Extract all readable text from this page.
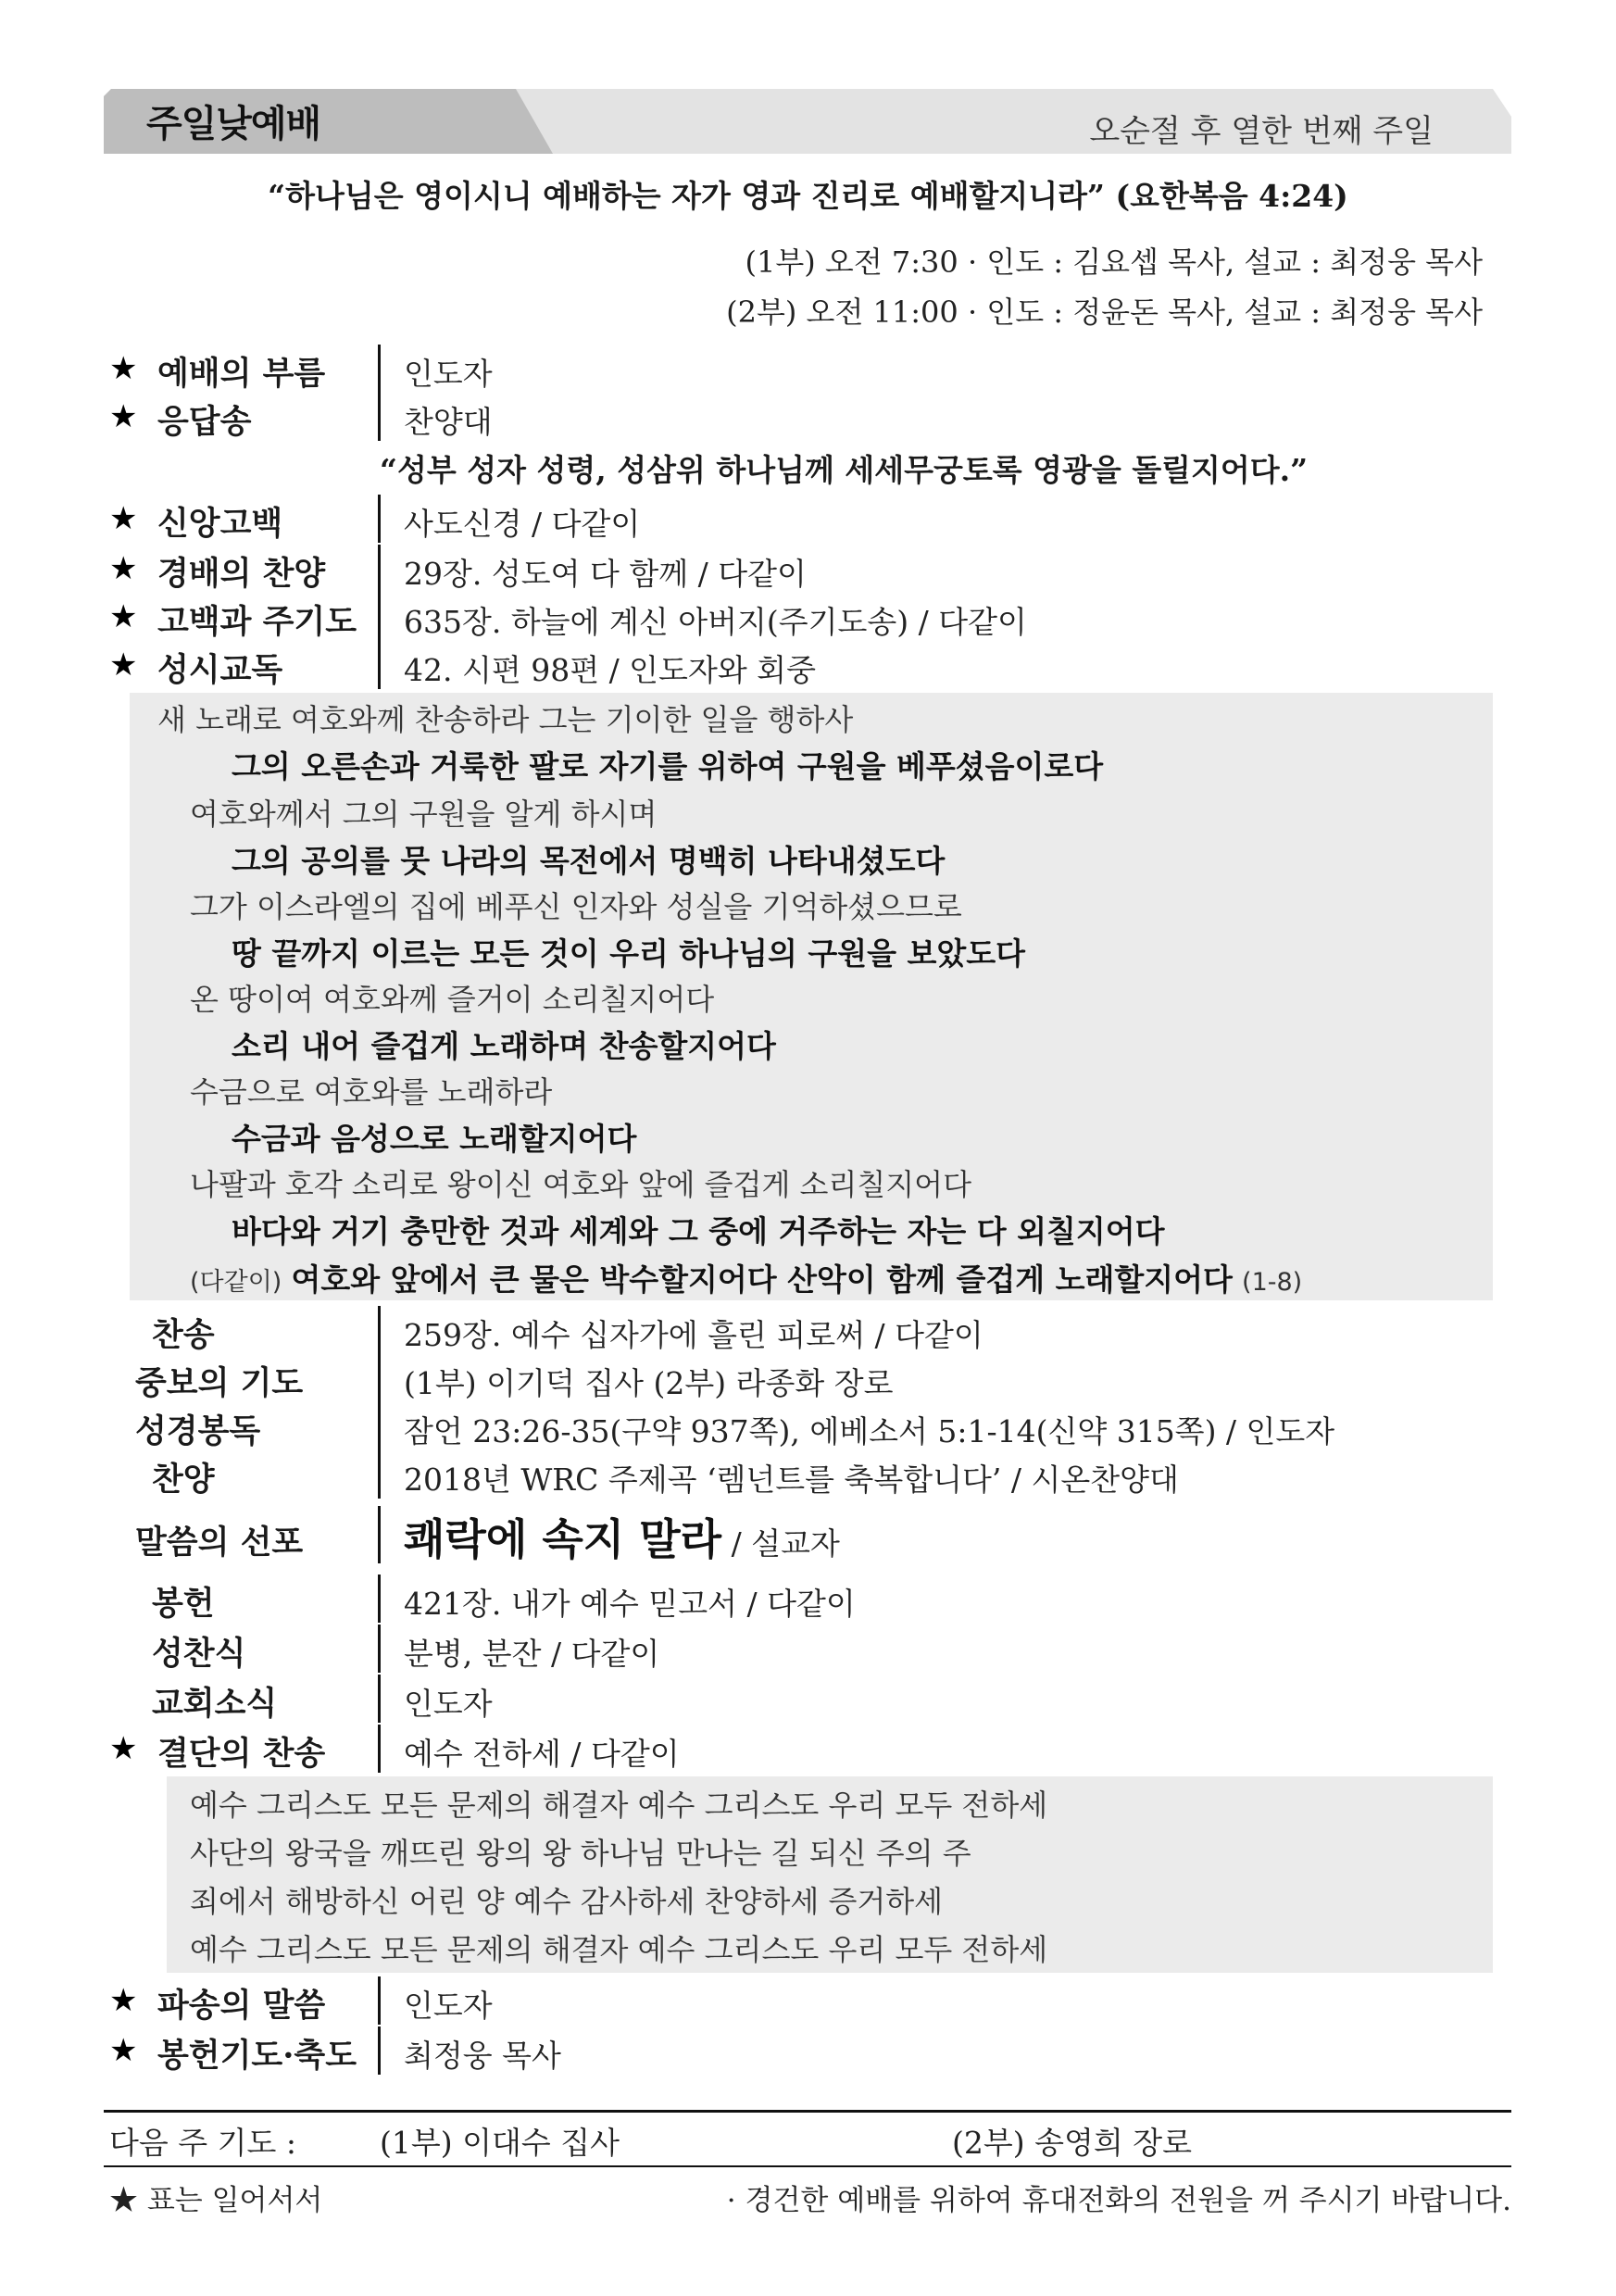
주일낮예배	오순절 후 열한 번째 주일
“하나님은 영이시니 예배하는 자가 영과 진리로 예배할지니라” (요한복음 4:24)
(1부) 오전 7:30 · 인도 : 김요셉 목사, 설교 : 최정웅 목사
(2부) 오전 11:00 · 인도 : 정윤돈 목사, 설교 : 최정웅 목사
★ 예배의 부름	인도자
★ 응답송	찬양대
“성부 성자 성령, 성삼위 하나님께 세세무궁토록 영광을 돌릴지어다.”
★ 신앙고백	사도신경 / 다같이
★ 경배의 찬양	29장. 성도여 다 함께 / 다같이
★ 고백과 주기도 635장. 하늘에 계신 아버지(주기도송) / 다같이
★ 성시교독	42. 시편 98편 / 인도자와 회중
새 노래로 여호와께 찬송하라 그는 기이한 일을 행하사
그의 오른손과 거룩한 팔로 자기를 위하여 구원을 베푸셨음이로다
여호와께서 그의 구원을 알게 하시며
그의 공의를 뭇 나라의 목전에서 명백히 나타내셨도다
그가 이스라엘의 집에 베푸신 인자와 성실을 기억하셨으므로
땅 끝까지 이르는 모든 것이 우리 하나님의 구원을 보았도다
온 땅이여 여호와께 즐거이 소리칠지어다
소리 내어 즐겁게 노래하며 찬송할지어다
수금으로 여호와를 노래하라
수금과 음성으로 노래할지어다
나팔과 호각 소리로 왕이신 여호와 앞에 즐겁게 소리칠지어다
바다와 거기 충만한 것과 세계와 그 중에 거주하는 자는 다 외칠지어다
(다같이) 여호와 앞에서 큰 물은 박수할지어다 산악이 함께 즐겁게 노래할지어다 (1-8)
찬송	259장. 예수 십자가에 흘린 피로써 / 다같이
중보의 기도	(1부) 이기덕 집사 (2부) 라종화 장로
성경봉독	잠언 23:26-35(구약 937쪽), 에베소서 5:1-14(신약 315쪽) / 인도자
찬양	2018년 WRC 주제곡 ‘렘넌트를 축복합니다’ / 시온찬양대
말씀의 선포 쾌락에 속지 말라 / 설교자
봉헌	421장. 내가 예수 믿고서 / 다같이
성찬식	분병, 분잔 / 다같이
교회소식	인도자
★ 결단의 찬송	예수 전하세 / 다같이
예수 그리스도 모든 문제의 해결자 예수 그리스도 우리 모두 전하세
사단의 왕국을 깨뜨린 왕의 왕 하나님 만나는 길 되신 주의 주
죄에서 해방하신 어린 양 예수 감사하세 찬양하세 증거하세
예수 그리스도 모든 문제의 해결자 예수 그리스도 우리 모두 전하세
★ 파송의 말씀	인도자
★ 봉헌기도·축도 최정웅 목사
다음 주 기도 :	(1부) 이대수 집사	(2부) 송영희 장로
★ 표는 일어서서	· 경건한 예배를 위하여 휴대전화의 전원을 꺼 주시기 바랍니다.
